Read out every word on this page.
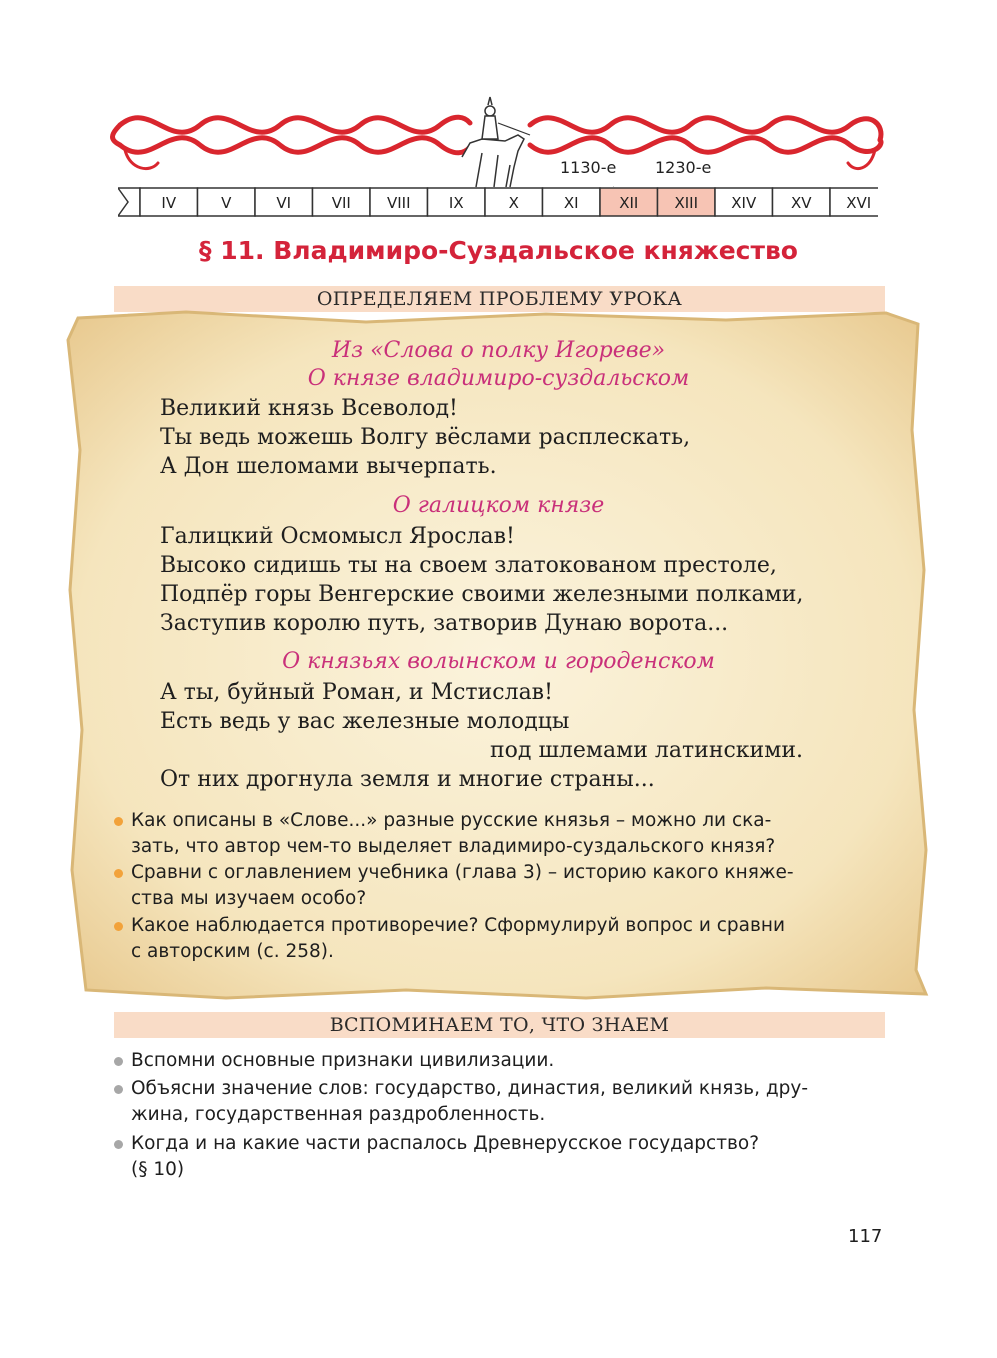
IV	V	VI	VII VIII	IX	X	XI	XII XIII XIV XV XVI
1130-е 1230-е
§ 11. Владимиро-Суздальское княжество
ОПРЕДЕЛЯЕМ ПРОБЛЕМУ УРОКА
Из «Слова о полку Игореве»
О князе владимиро-суздальском
Великий князь Всеволод!
Ты ведь можешь Волгу вёслами расплескать,
А Дон шеломами вычерпать.
О галицком князе
Галицкий Осмомысл Ярослав!
Высоко сидишь ты на своем златокованом престоле,
Подпёр горы Венгерские своими железными полками,
Заступив королю путь, затворив Дунаю ворота...
О князьях волынском и городенском
А ты, буйный Роман, и Мстислав!
Есть ведь у вас железные молодцы
под шлемами латинскими.
От них дрогнула земля и многие страны...
Как описаны в «Слове...» разные русские князья – можно ли ска-
зать, что автор чем-то выделяет владимиро-суздальского князя?
Сравни с оглавлением учебника (глава 3) – историю какого княже-
ства мы изучаем особо?
Какое наблюдается противоречие? Сформулируй вопрос и сравни
с авторским (с. 258).
ВСПОМИНАЕМ ТО, ЧТО ЗНАЕМ
Вспомни основные признаки цивилизации.
Объясни значение слов: государство, династия, великий князь, дру-
жина, государственная раздробленность.
Когда и на какие части распалось Древнерусское государство?
(§ 10)
117
